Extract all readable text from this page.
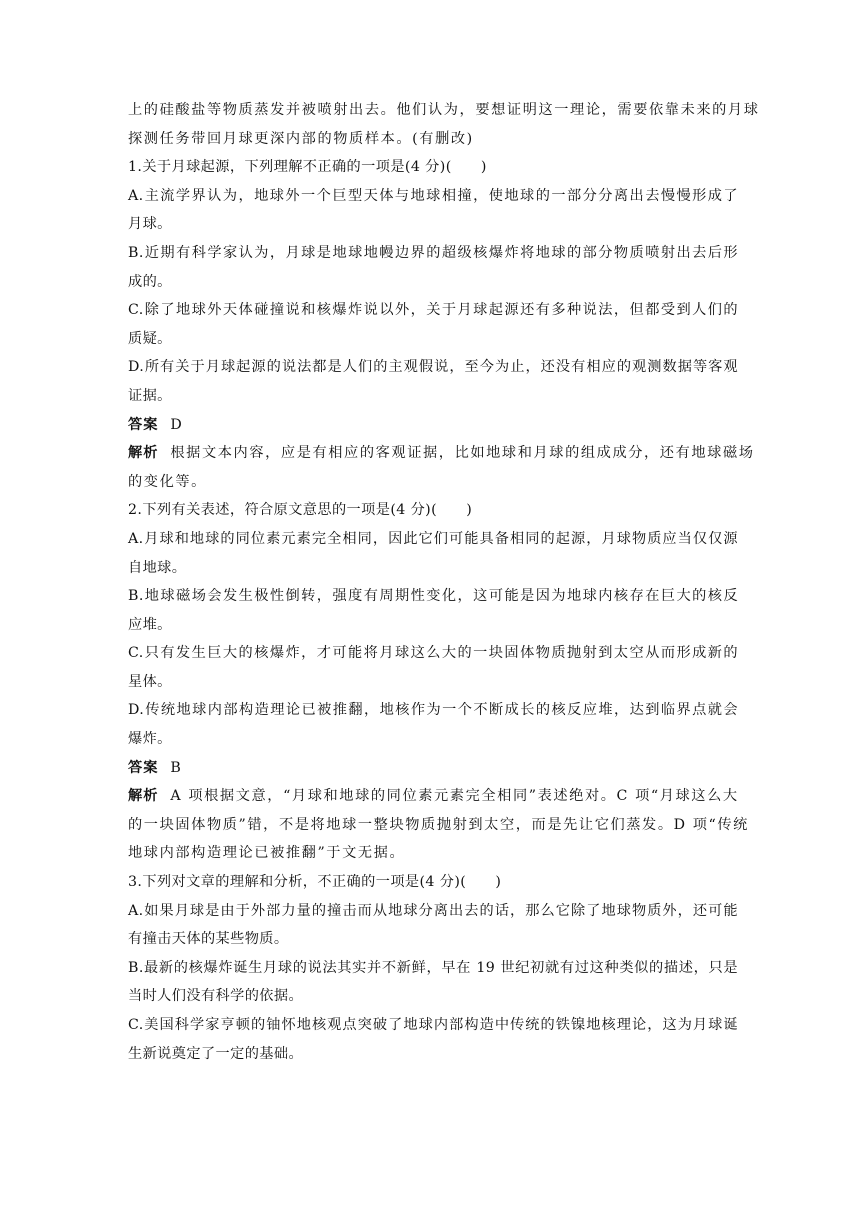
上的硅酸盐等物质蒸发并被喷射出去。他们认为，要想证明这一理论，需要依靠未来的月球
探测任务带回月球更深内部的物质样本。(有删改)
1.关于月球起源，下列理解不正确的一项是(4 分)(　　)
A.主流学界认为，地球外一个巨型天体与地球相撞，使地球的一部分分离出去慢慢形成了
月球。
B.近期有科学家认为，月球是地球地幔边界的超级核爆炸将地球的部分物质喷射出去后形
成的。
C.除了地球外天体碰撞说和核爆炸说以外，关于月球起源还有多种说法，但都受到人们的
质疑。
D.所有关于月球起源的说法都是人们的主观假说，至今为止，还没有相应的观测数据等客观
证据。
答案 D
解析 根据文本内容，应是有相应的客观证据，比如地球和月球的组成成分，还有地球磁场
的变化等。
2.下列有关表述，符合原文意思的一项是(4 分)(　　)
A.月球和地球的同位素元素完全相同，因此它们可能具备相同的起源，月球物质应当仅仅源
自地球。
B.地球磁场会发生极性倒转，强度有周期性变化，这可能是因为地球内核存在巨大的核反
应堆。
C.只有发生巨大的核爆炸，才可能将月球这么大的一块固体物质抛射到太空从而形成新的
星体。
D.传统地球内部构造理论已被推翻，地核作为一个不断成长的核反应堆，达到临界点就会
爆炸。
答案 B
解析 A 项根据文意，“月球和地球的同位素元素完全相同”表述绝对。C 项“月球这么大
的一块固体物质”错，不是将地球一整块物质抛射到太空，而是先让它们蒸发。D 项“传统
地球内部构造理论已被推翻”于文无据。
3.下列对文章的理解和分析，不正确的一项是(4 分)(　　)
A.如果月球是由于外部力量的撞击而从地球分离出去的话，那么它除了地球物质外，还可能
有撞击天体的某些物质。
B.最新的核爆炸诞生月球的说法其实并不新鲜，早在 19 世纪初就有过这种类似的描述，只是
当时人们没有科学的依据。
C.美国科学家亨顿的铀怀地核观点突破了地球内部构造中传统的铁镍地核理论，这为月球诞
生新说奠定了一定的基础。
